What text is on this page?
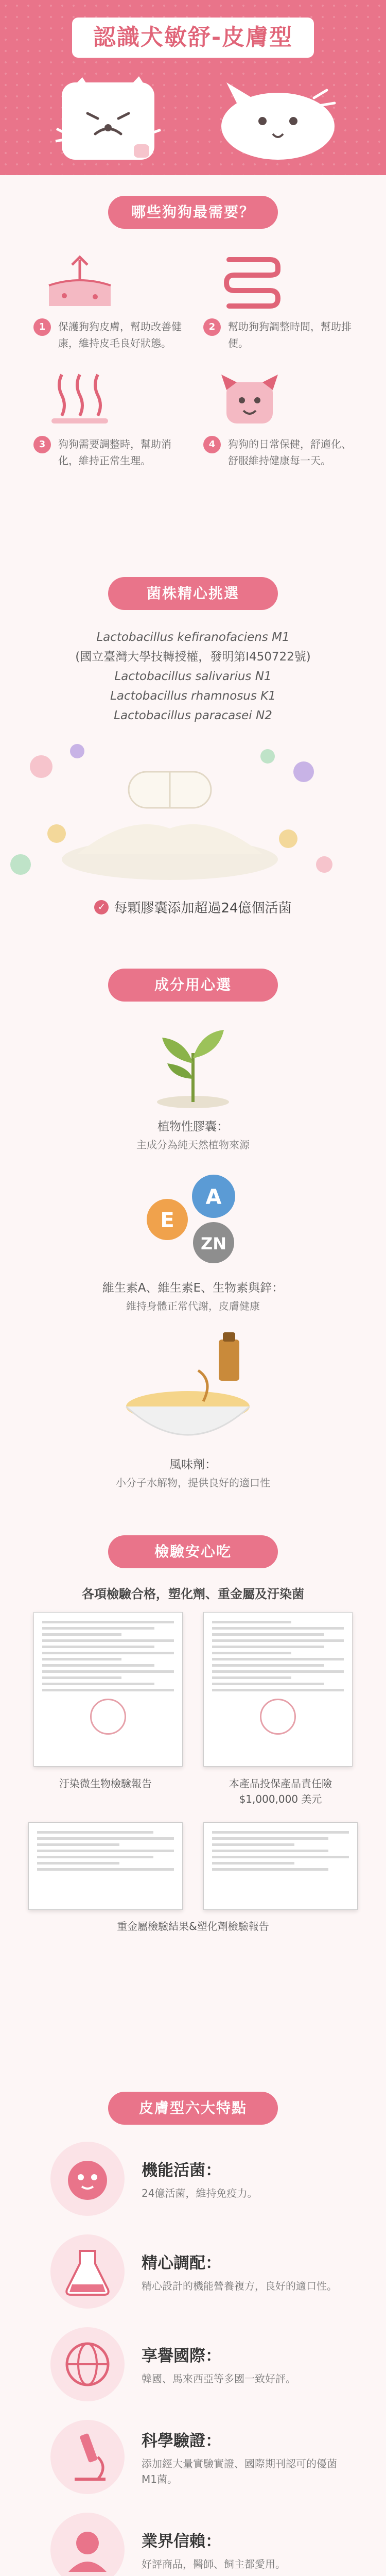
認識犬敏舒-皮膚型
哪些狗狗最需要？
1	保護狗狗皮膚，幫助改善健康，維持皮毛良好狀態。
2	幫助狗狗調整時間，幫助排便。
3	狗狗需要調整時，幫助消化，維持正常生理。
4	狗狗的日常保健，舒適化、舒服維持健康每一天。
菌株精心挑選
Lactobacillus kefiranofaciens M1
(國立臺灣大學技轉授權，發明第I450722號)
Lactobacillus salivarius N1
Lactobacillus rhamnosus K1
Lactobacillus paracasei N2
✓ 每顆膠囊添加超過24億個活菌
成分用心選
植物性膠囊：
主成分為純天然植物來源
A
E
ZN
維生素A、維生素E、生物素與鋅：
維持身體正常代謝，皮膚健康
風味劑：
小分子水解物，提供良好的適口性
檢驗安心吃
各項檢驗合格，塑化劑、重金屬及汙染菌
汙染微生物檢驗報告	本產品投保產品責任險$1,000,000 美元
重金屬檢驗結果&塑化劑檢驗報告
皮膚型六大特點
機能活菌：
24億活菌，維持免疫力。
精心調配：
精心設計的機能營養複方，良好的適口性。
享譽國際：
韓國、馬來西亞等多國一致好評。
科學驗證：
添加經大量實驗實證、國際期刊認可的優菌M1菌。
業界信賴：
好評商品，醫師、飼主都愛用。
